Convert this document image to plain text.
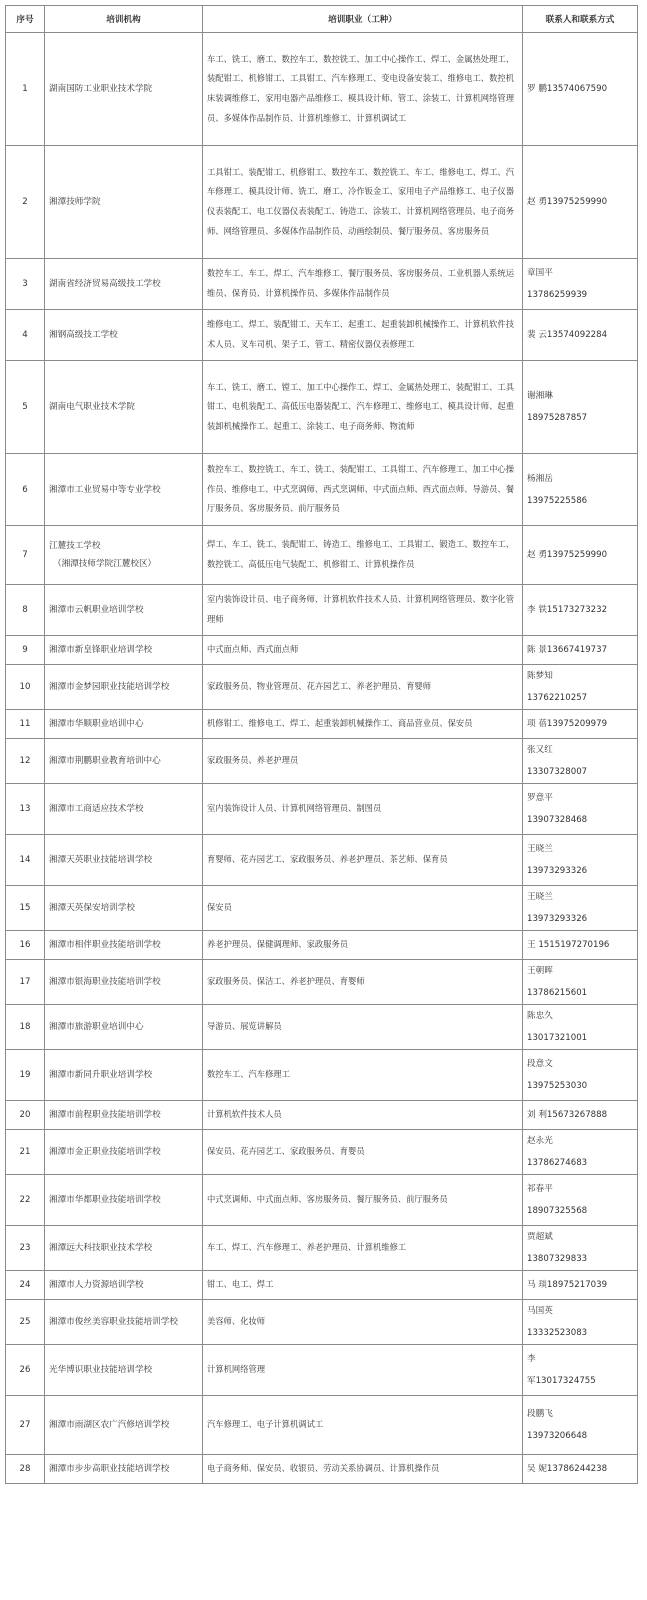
序号	培训机构	培训职业（工种）	联系人和联系方式
1	湖南国防工业职业技术学院	车工、铣工、磨工、数控车工、数控铣工、加工中心操作工、焊工、金属热处理工、装配钳工、机修钳工、工具钳工、汽车修理工、变电设备安装工、维修电工、数控机床装调维修工、家用电器产品维修工、模具设计师、管工、涂装工、计算机网络管理员、多媒体作品制作员、计算机维修工、计算机调试工	罗 鹏13574067590

2	湘潭技师学院	工具钳工、装配钳工、机修钳工、数控车工、数控铣工、车工、维修电工、焊工、汽车修理工、模具设计师、铣工、磨工、冷作钣金工、家用电子产品维修工、电子仪器仪表装配工、电工仪器仪表装配工、铸造工、涂装工、计算机网络管理员、电子商务师、网络管理员、多媒体作品制作员、动画绘制员、餐厅服务员、客房服务员	赵 勇13975259990

3	湖南省经济贸易高级技工学校	数控车工、车工、焊工、汽车维修工、餐厅服务员、客房服务员、工业机器人系统运维员、保育员、计算机操作员、多媒体作品制作员	章国平
13786259939

4	湘钢高级技工学校	维修电工、焊工、装配钳工、天车工、起重工、起重装卸机械操作工、计算机软件技术人员、叉车司机、架子工、管工、精密仪器仪表修理工	裴 云13574092284

5	湖南电气职业技术学院	车工、铣工、磨工、镗工、加工中心操作工、焊工、金属热处理工、装配钳工、工具钳工、电机装配工、高低压电器装配工、汽车修理工、维修电工、模具设计师、起重装卸机械操作工、起重工、涂装工、电子商务师、物流师	谢湘琳
18975287857

6	湘潭市工业贸易中等专业学校	数控车工、数控铣工、车工、铣工、装配钳工、工具钳工、汽车修理工、加工中心操作员、维修电工、中式烹调师、西式烹调师、中式面点师、西式面点师、导游员、餐厅服务员、客房服务员、前厅服务员	杨湘岳
13975225586

7	江麓技工学校
（湘潭技师学院江麓校区）	焊工、车工、铣工、装配钳工、铸造工、维修电工、工具钳工、锻造工、数控车工、数控铣工、高低压电气装配工、机修钳工、计算机操作员	赵 勇13975259990

8	湘潭市云帆职业培训学校	室内装饰设计员、电子商务师、计算机软件技术人员、计算机网络管理员、数字化管理师	李 铁15173273232

9	湘潭市新皇锋职业培训学校	中式面点师、西式面点师	陈 景13667419737

10	湘潭市金梦园职业技能培训学校	家政服务员、物业管理员、花卉园艺工、养老护理员、育婴师	陈梦知
13762210257

11	湘潭市华顺职业培训中心	机修钳工、维修电工、焊工、起重装卸机械操作工、商品营业员、保安员	项 蓓13975209979

12	湘潭市荆鹏职业教育培训中心	家政服务员、养老护理员	张又红
13307328007

13	湘潭市工商适应技术学校	室内装饰设计人员、计算机网络管理员、制图员	罗意平
13907328468

14	湘潭天英职业技能培训学校	育婴师、花卉园艺工、家政服务员、养老护理员、茶艺师、保育员	王晓兰
13973293326

15	湘潭天英保安培训学校	保安员	王晓兰
13973293326

16	湘潭市相伴职业技能培训学校	养老护理员、保健调理师、家政服务员	王 1515197270196

17	湘潭市银海职业技能培训学校	家政服务员、保洁工、养老护理员、育婴师	王朝晖
13786215601

18	湘潭市旅游职业培训中心	导游员、展览讲解员	陈忠久
13017321001

19	湘潭市新同升职业培训学校	数控车工、汽车修理工	段意文
13975253030

20	湘潭市前程职业技能培训学校	计算机软件技术人员	刘 利15673267888

21	湘潭市金正职业技能培训学校	保安员、花卉园艺工、家政服务员、育婴员	赵永光
13786274683

22	湘潭市华都职业技能培训学校	中式烹调师、中式面点师、客房服务员、餐厅服务员、前厅服务员	祁春平
18907325568

23	湘潭远大科技职业技术学校	车工、焊工、汽车修理工、养老护理员、计算机维修工	贾超斌
13807329833

24	湘潭市人力资源培训学校	钳工、电工、焊工	马 琰18975217039

25	湘潭市俊丝美容职业技能培训学校	美容师、化妆师	马国英
13332523083

26	光华博识职业技能培训学校	计算机网络管理	李
军13017324755

27	湘潭市雨湖区农广汽修培训学校	汽车修理工、电子计算机调试工	段鹏飞
13973206648

28	湘潭市步步高职业技能培训学校	电子商务师、保安员、收银员、劳动关系协调员、计算机操作员	吴 妮13786244238
